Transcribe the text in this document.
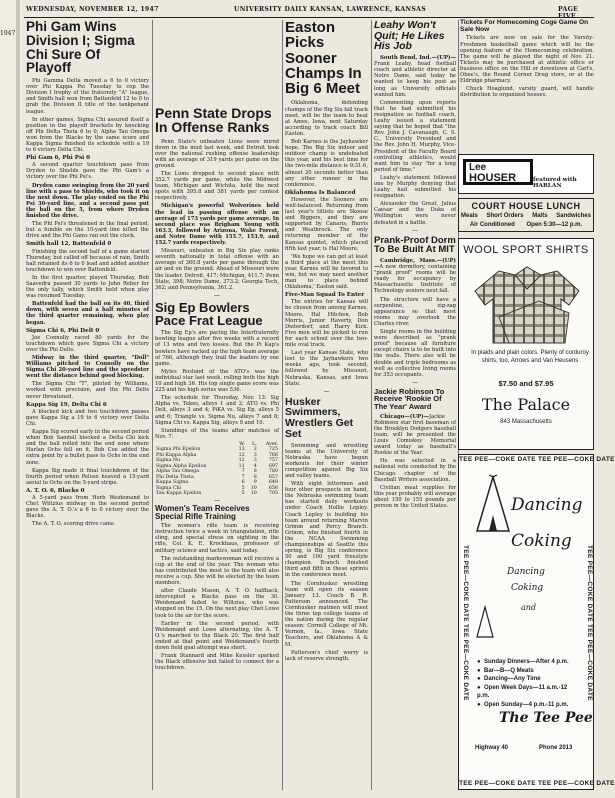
1947
WEDNESDAY, NOVEMBER 12, 1947	UNIVERSITY DAILY KANSAN, LAWRENCE, KANSAS	PAGE
Phi Gam Wins Division I; Sigma Chi Sure Of Playoff

Phi Gamma Delta moved a 6 to 0 victory over Phi Kappa Psi Tuesday to cop the Division I trophy of the fraternity "A" league, and Smith hall won from Battenfeld 12 to 0 to grab the Division II title of the tankpenant league.

In other games, Sigma Chi assured itself a position in the playoff brackets by knocking off Phi Delta Theta 6 to 0; Alpha Tau Omega won from the Blacks by the same score and Kappa Sigma finished its schedule with a 19 to 6 victory Delta Chi.

Phi Gam 6, Phi Psi 0

A second quarter touchdown pass from Dryden to Shields gave the Phi Gam's a victory over the Phi Psi's.

Dryden came swinging from the 20 yard line with a pass to Shields, who took it on the next down. The play ended on the Phi Psi 30-yard line, and a second pass put the ball on the 5, from where Dryden finished the drive.

The Phi Psi's threatened in the final period, but a fumble on the 10-yard line killed the drive and the Phi Gams ran out the clock.

Smith hall 12, Battenfeld 0

Finishing the second half of a game started Thursday, but called off because of rain, Smith hall retained its 6 to 0 lead and added another touchdown to win over Battenfeld.

In the first quarter, played Thursday, Bob Saavedra passed 30 yards to John Reber for the only tally, which Smith held when play was resumed Tuesday.

Battenfeld had the ball on its 40, third down, with seven and a half minutes of the third quarter remaining, when play began.

Sigma Chi 6, Phi Delt 0

Joe Connolly raced 80 yards for the touchdown which gave Sigma Chi a victory over the Phi Delts.

Midway in the third quarter, "Doll" Williams pitched to Connolly on the Sigma Chi 20-yard line and the speedster went the distance behind good blocking.

The Sigma Chi "T", piloted by Williams, worked with precision, and the Phi Delts never threatened.

Kappa Sig 19, Delta Chi 6

A blocked kick and two touchdown passes gave Kappa Sig a 19 to 6 victory over Delta Chi.

Kappa Sig scored early in the second period when Bob Sandell blocked a Delta Chi kick and the ball rolled into the end zone where Harlan Ochs fell on it. Bob Coe added the extra point by a bullet pass to Ochs in the end zone.

Kappa Sig made it final touchdown of the fourth period when Peloso heaved a 15-yard aerial to Ochs on the 5-yard stripe.

A. T. O. 6, Blacks 0

A 5-yard pass from Herb Weidemand to Chet Wiltzius midway in the second period gave the A. T. O.'s a 6 to 0 victory over the Blacks.

The A. T. O. scoring drive came

Penn State Drops In Offense Ranks

Penn State's unbeaten Lions were mired down in the mud last week, and Detroit took over the national rushing offense leadership with an average of 319 yards per game on the ground.

The Lions dropped to second place with 352.7 yards per game, while the Midwest team, Michigan and Wichita, held the next spots with 395.8 and 381 yards per contest respectively.

Michigan's powerful Wolverines held the lead in passing offense with an average of 173 yards per game average. In second place was Brigham Young with 163.3, followed by Arizona, Wake Forest, and Notre Dame with 155.7, 153.9, and 152.7 yards respectively.

Missouri, unbeaten in Big Six play ranks seventh nationally in total offense with an average of 360.8 yards per game through the air and on the ground. Ahead of Missouri were the leader, Detroit, 417; Michigan, 411.7; Penn State, 398; Notre Dame, 373.2; Georgia Tech, 362; and Pennsylvania, 361.2.

—
Sig Ep Bowlers Pace Frat League

The Sig Ep's are pacing the Interfraternity bowling league after five weeks with a record of 13 wins and two losses. But the Pi Kap's bowlers have racked up the high team average of 766, although they trail the leaders by one game.

Myles Roslund of the ATO's was the individual star last week, rolling both the high 10 and high 36. His top single game score was 225 and his high series was 536.

The schedule for Thursday, Nov. 13: Sig Alpha vs. Tekes, alleys 1 and 2; ATO vs. Phi Delt, alleys 3 and 4; PiKA vs. Sig Ep, alleys 5 and 6; Triangle vs. Sigma Nu, alleys 7 and 8; Sigma Chi vs. Kappa Sig, alleys 9 and 10.

Standings of the teams after matches of Nov. 7:

	W.	L.	Aver.
Sigma Phi Epsilon	13	2	725
Phi Kappa Alpha	12	3	766
Sigma Nu	12	3	757
Sigma Alpha Epsilon	11	4	697
Alpha Tau Omega	7	8	780
Phi Delta Theta	7	8	657
Kappa Sigma	6	9	649
Sigma Chi	5	10	656
Tau Kappa Epsilon	5	10	705
—
Women's Team Receives Special Rifle Training

The women's rifle team is receiving instruction twice a week in triangulation, rifle sling, and special stress on sighting in the rifle, Col. K. E. Krockhaus, professor of military science and tactics, said today.

The outstanding markswoman will receive a cup at the end of the year. The woman who has contributed the most to the team will also receive a cup. She will be elected by the team members.

after Claude Mason, A. T. O. halfback, intercepted a Blacks pass on the 30. Weidemand faded to Wiltzius, who was stopped on the 15. On the next play Chet Lowe took to the air for the score.

Earlier in the second period, with Weidemand and Lowe alternating, the A. T. O.'s marched to the Black 20. The first half ended at that point and Weidemand's fourth down field goal attempt was short.

Frank Stannard and Mike Kessler sparked the Black offensive but failed to connect for a touchdown.

Easton Picks Sooner Champs In Big 6 Meet

Oklahoma, defending champs of the Big Six fall track meet, will be the team to beat at Ames, Iowa, next Saturday according to track coach Bill Easton.

Bob Karnes is the Jayhawker hope. The Big Six indoor and outdoor champ is undefeated this year, and his best time for the two-mile distance is 9:31.6, almost 20 seconds better than any other runner in the conference.

Oklahoma Is Balanced

However, the Sooners are well-balanced. Returning from last year's titlists are Skoose and Biggers, and they are supported by Canaris, Burris and Weathrock. The only returning member of the Kansas quintet, which placed fifth last year, is Hal Moore.

'We hope we can get at least a third place at the meet this year. Karnes will be favored to win, but we may need another man to place behind Oklahoma,' Easton said.

Five-Man Squad To Enter

The entries for Kansas will be chosen from among Karnes, Moore, Hal Hitchen, Bob Morris, Junior Haverty, Don Dieterdorf, and Harry Kirk. Five men will be picked to run for each school over the two-mile oval track.

Last year Kansas State, who lost to the Jayhawkers two weeks ago, took second, followed by Missouri, Nebraska, Kansas, and Iowa State.

—
Husker Swimmers, Wrestlers Get Set

Swimming and wrestling teams at the University of Nebraska have begun workouts for their winter competition against Big Six and valley teams.

With eight lettermen and four other prospects on hand, the Nebraska swimming team has started daily workouts under Coach Hollie Lepley. Coach Lepley is building his team around returning Marvin Grimm and Percy Branch. Grimm, who finished fourth in the NCAA Swimming championships at Seattle this spring, is Big Six conference 50 and 100 yard freestyle champion. Branch finished third and fifth in these sprints in the conference meet.

The Cornhusker wrestling team will open its season January 13. Coach B. R. Patterson announced. The Cornhusker matmen will meet the three top college teams of the nation during the regular season: Cornell College of Mt. Vernon, Ia., Iowa State Teachers, and Oklahoma A & M.

Patterson's chief worry is lack of reserve strength.

Leahy Won't Quit; He Likes His Job

South Bend, Ind.—(UP)—Frank Leahy, head football coach and athletic director at Notre Dame, said today he wanted to keep his post as long as University officials wanted him.

Commenting upon reports that he had submitted his resignation as football coach, Leahy issued a statement saying that he hoped that "the Rev. John J. Cavanaugh, C. S. C., University President and the Rev. John H. Murphy, Vice-President of the Faculty Board controlling athletics, would want him to stay "for a long period of time."

Leahy's statement followed one by Murphy denying that Leahy had submitted his resignation.

Alexander the Great, Julius Caesar and the Duke of Wellington were never defeated in a battle.

—
Prank-Proof Dorm To Be Built At MIT

Cambridge, Mass.—(UP)—A new dormitory, containing "prank proof" rooms will be ready for occupancy by Massachusetts Institute of Technology seniors next fall.

The structure will have a serpentine, zig-zag appearance so that most rooms may overlook the Charles river.

Single rooms in the building were described as "prank proof" because all furniture except chairs is to be built into the walls. There also will be double and triple bedrooms as well as collective living rooms for 353 occupants.

—
Jackie Robinson To Receive 'Rookie Of The Year' Award

Chicago—(UP)—Jackie Robinson star first baseman of the Brooklyn Dodgers baseball team, will be presented the Louis Comiskey Memorial award today as baseball's Rookie of the Year.

He was selected in a national vote conducted by the Chicago chapter of the Baseball Writers association.

Civilian meat supplies for this year probably will average about 150 to 155 pounds per person in the United States.

Tickets For Homecoming Coge Game On Sale Now

Tickets are now on sale for the Varsity-Freshmen basketball game which will be the opening feature of the Homecoming celebration. The game will be played the night of Nov. 21. Tickets may be purchased at athletic office or business office on the Hill or downtown at Carl's, Obee's, the Round Corner Drug store, or at the Eldridge pharmacy.

Chuck Hoaglund, varsity guard, will handle distribution to organized houses.

Lee
HOUSER	featured with HARLAN
COURT HOUSE LUNCH
Meals Short Orders Malts Sandwiches
Air Conditioned Open 5:30—12 p.m.
WOOL SPORT SHIRTS
In plaids and plain colors. Plenty of corduroy shirts, too, Arrows and Van Heusens
$7.50 and $7.95
The Palace
843 Massachusetts
TEE PEE—COKE DATE TEE PEE—COKE DATE
TEE PEE—COKE DATE TEE PEE—COKE DATE
TEE PEE—COKE DATE TEE PEE—COKE DATE	TEE PEE—COKE DATE TEE PEE—COKE DATE
Dancing
Coking
Dancing
Coking
and
● Sunday Dinners—After 4 p.m.
● Bar—B—Q Meats
● Dancing—Any Time
● Open Week Days—11 a.m.-12 p.m.
● Open Sunday—4 p.m.-11 p.m.
The Tee Pee
Highway 40	Phone 2013
